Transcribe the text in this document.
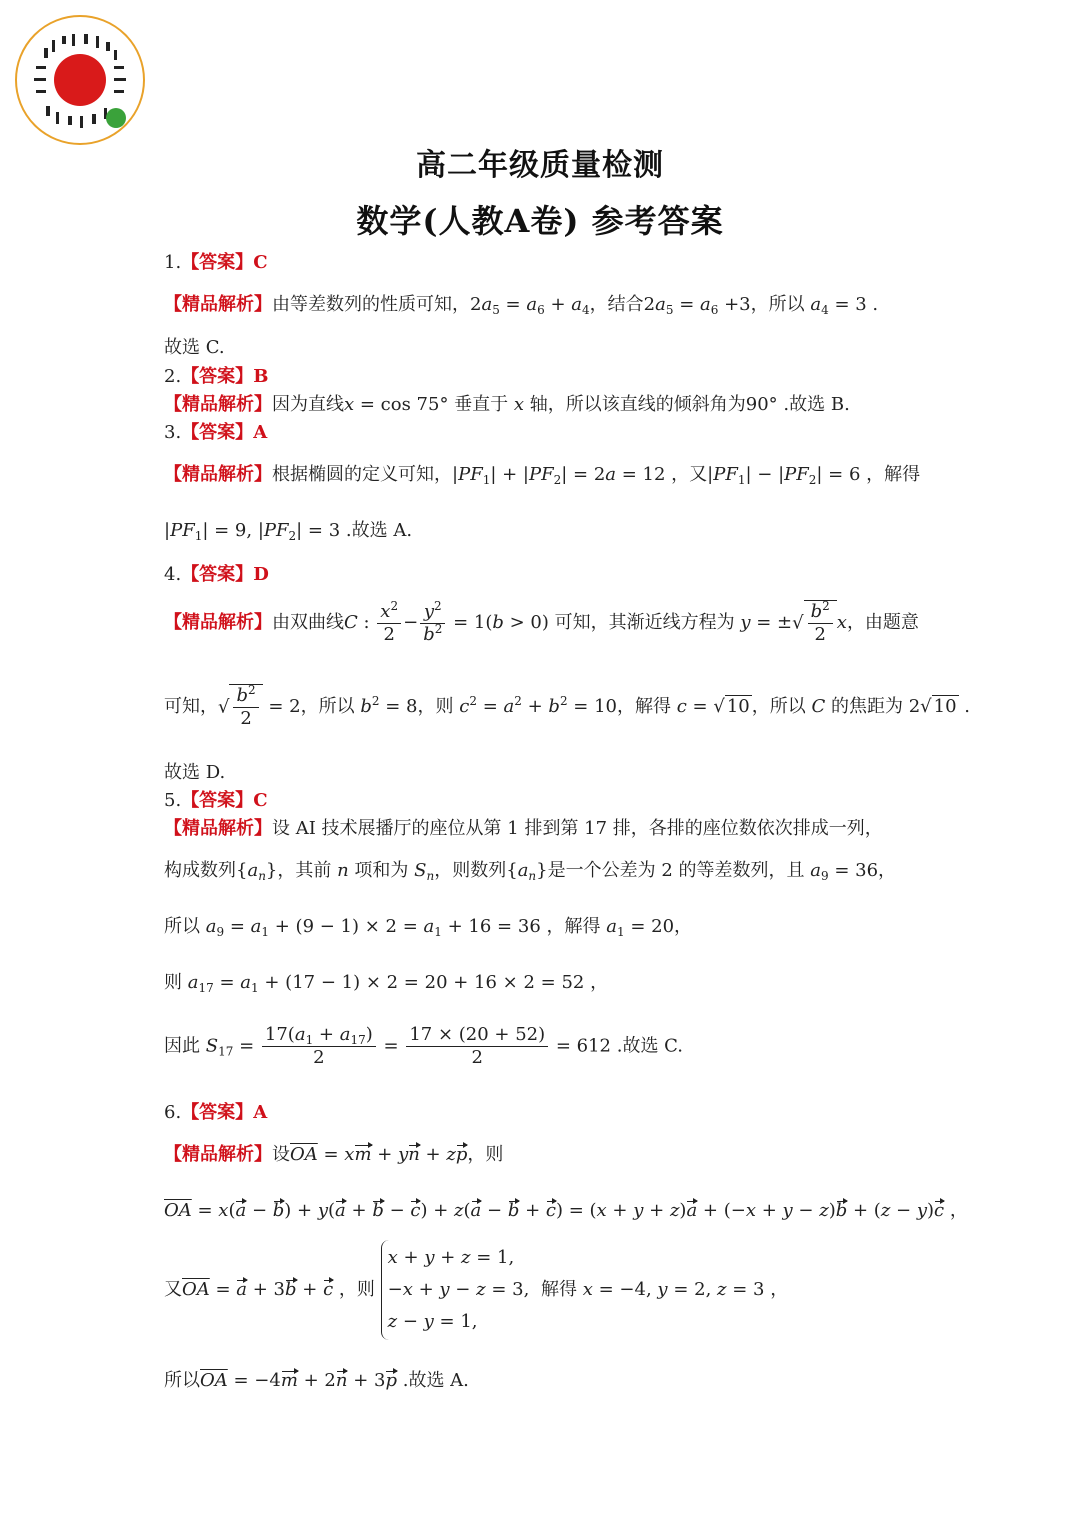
高二年级质量检测
数学(人教A卷) 参考答案
1.【答案】C
【精品解析】由等差数列的性质可知，$2a_5 = a_6 + a_4$，结合$2a_5 = a_6 +3$，所以 $a_4 = 3$ .
故选 C.
2.【答案】B
【精品解析】因为直线x = cos 75° 垂直于 x 轴，所以该直线的倾斜角为90° .故选 B.
3.【答案】A
【精品解析】根据椭圆的定义可知，$|PF_1| + |PF_2| = 2a = 12$ ，又$|PF_1| - |PF_2| = 6$ ，解得
$|PF_1| = 9$, $|PF_2| = 3$ .故选 A.
4.【答案】D
【精品解析】由双曲线C : $\frac{x^2}{2} - \frac{y^2}{b^2} = 1(b > 0)$ 可知，其渐近线方程为 y = ±√ $\frac{b^2}{2}$ x，由题意
可知，√ $\frac{b^2}{2} = 2$，所以 $b^2 = 8$，则 $c^2 = a^2 + b^2 = 10$，解得 c = √ 10 ，所以 C 的焦距为 2√ 10 .
故选 D.
5.【答案】C
【精品解析】设 AI 技术展播厅的座位从第 1 排到第 17 排，各排的座位数依次排成一列，
构成数列$\{a_n\}$，其前 n 项和为 $S_n$，则数列$\{a_n\}$是一个公差为 2 的等差数列，且 $a_9 = 36$，
所以 $a_9 = a_1 + (9 - 1) \times 2 = a_1 + 16 = 36$ ，解得 $a_1 = 20$，
则 $a_{17} = a_1 + (17 - 1) \times 2 = 20 + 16 \times 2 = 52$ ，
因此 $S_{17} = \frac{17(a_1 + a_{17})}{2} = \frac{17 \times (20 + 52)}{2} = 612$ .故选 C.
6.【答案】A
【精品解析】设$\overline{OA}$ = xm + yn + zp，则
$\overline{OA} = x(a - b) + y(a + b - c) + z(a - b + c) = (x + y + z)a + (-x + y - z)b + (z - y)c$ ，
又$\overline{OA} = a + 3b + c$ ，则
x + y + z = 1,
−x + y − z = 3,
z − y = 1,
解得 x = −4, y = 2, z = 3 ，
所以$\overline{OA} = -4m + 2n + 3p$ .故选 A.
